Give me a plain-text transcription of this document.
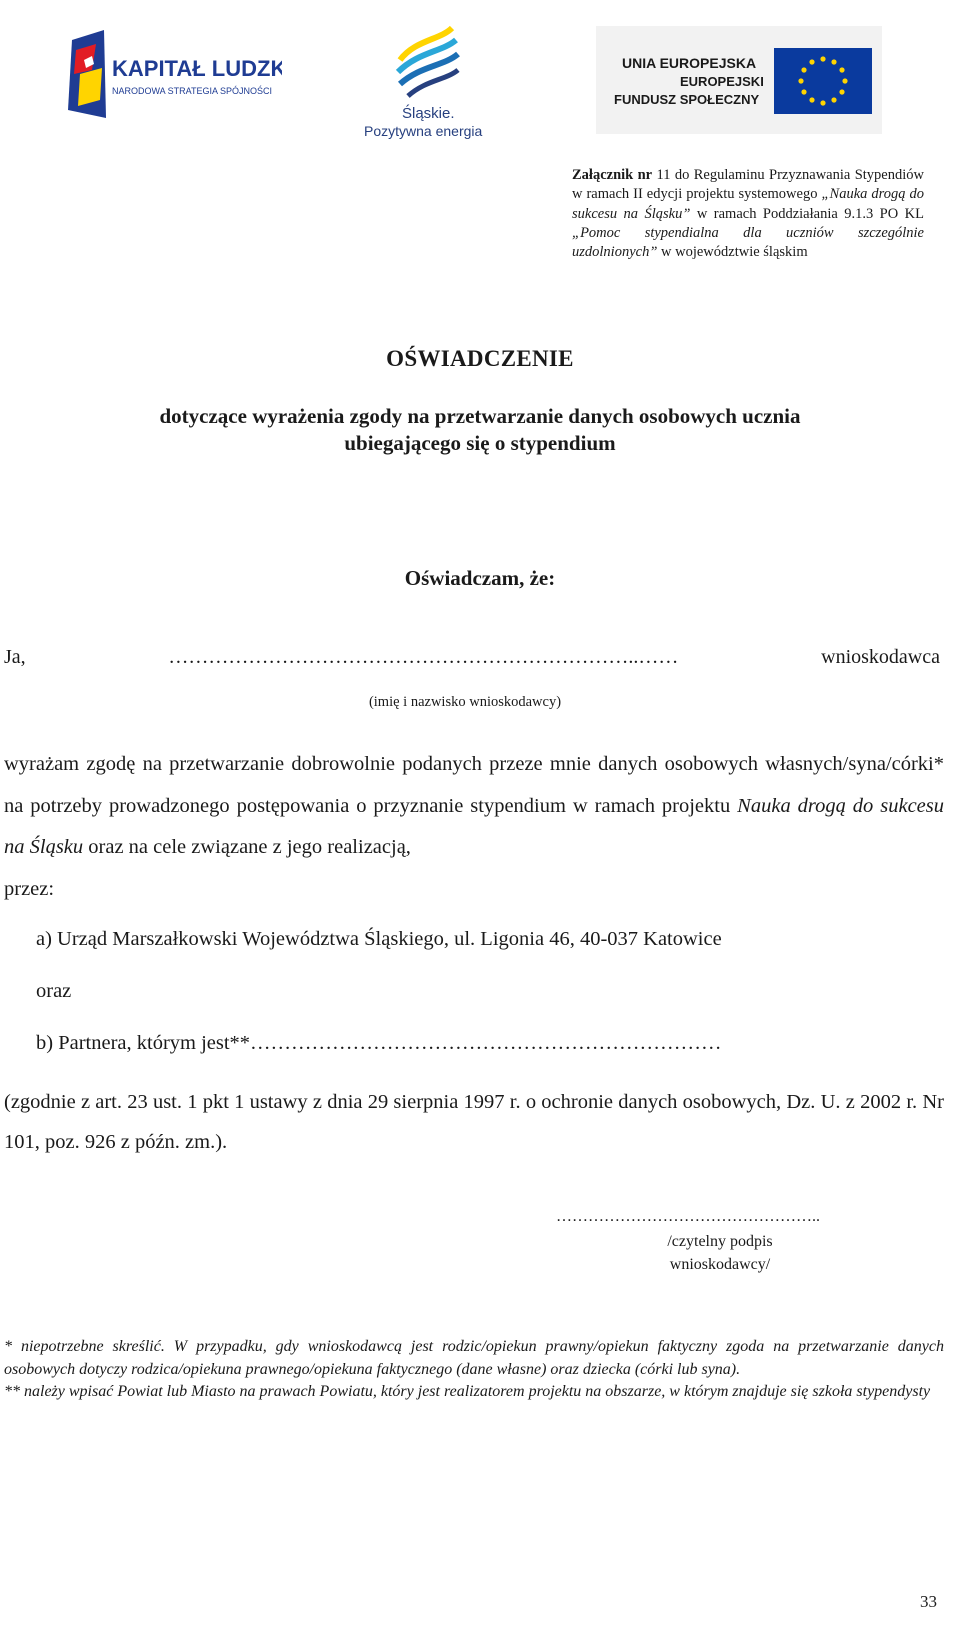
KAPITAŁ LUDZKI
NARODOWA STRATEGIA SPÓJNOŚCI
Śląskie.
Pozytywna energia
UNIA EUROPEJSKA
EUROPEJSKI
FUNDUSZ SPOŁECZNY
Załącznik nr 11 do Regulaminu Przyznawania Stypendiów w ramach II edycji projektu systemowego „Nauka drogą do sukcesu na Śląsku” w ramach Poddziałania 9.1.3 PO KL „Pomoc stypendialna dla uczniów szczególnie uzdolnionych” w województwie śląskim
OŚWIADCZENIE
dotyczące wyrażenia zgody na przetwarzanie danych osobowych ucznia
ubiegającego się o stypendium
Oświadczam, że:
Ja,	……………………………………………………………..……	wnioskodawca
(imię i nazwisko wnioskodawcy)
wyrażam zgodę na przetwarzanie dobrowolnie podanych przeze mnie danych osobowych własnych/syna/córki* na potrzeby prowadzonego postępowania o przyznanie stypendium w ramach projektu Nauka drogą do sukcesu na Śląsku oraz na cele związane z jego realizacją,
przez:
a) Urząd Marszałkowski Województwa Śląskiego, ul. Ligonia 46, 40-037 Katowice
oraz
b) Partnera, którym jest**……………………………………………………………
(zgodnie z art. 23 ust. 1 pkt 1 ustawy z dnia 29 sierpnia 1997 r. o ochronie danych osobowych, Dz. U. z 2002 r. Nr 101, poz. 926 z późn. zm.).
…………………………………………..
/czytelny podpis
wnioskodawcy/
* niepotrzebne skreślić. W przypadku, gdy wnioskodawcą jest rodzic/opiekun prawny/opiekun faktyczny zgoda na przetwarzanie danych osobowych dotyczy rodzica/opiekuna prawnego/opiekuna faktycznego (dane własne) oraz dziecka (córki lub syna).
** należy wpisać Powiat lub Miasto na prawach Powiatu, który jest realizatorem projektu na obszarze, w którym znajduje się szkoła stypendysty
33
